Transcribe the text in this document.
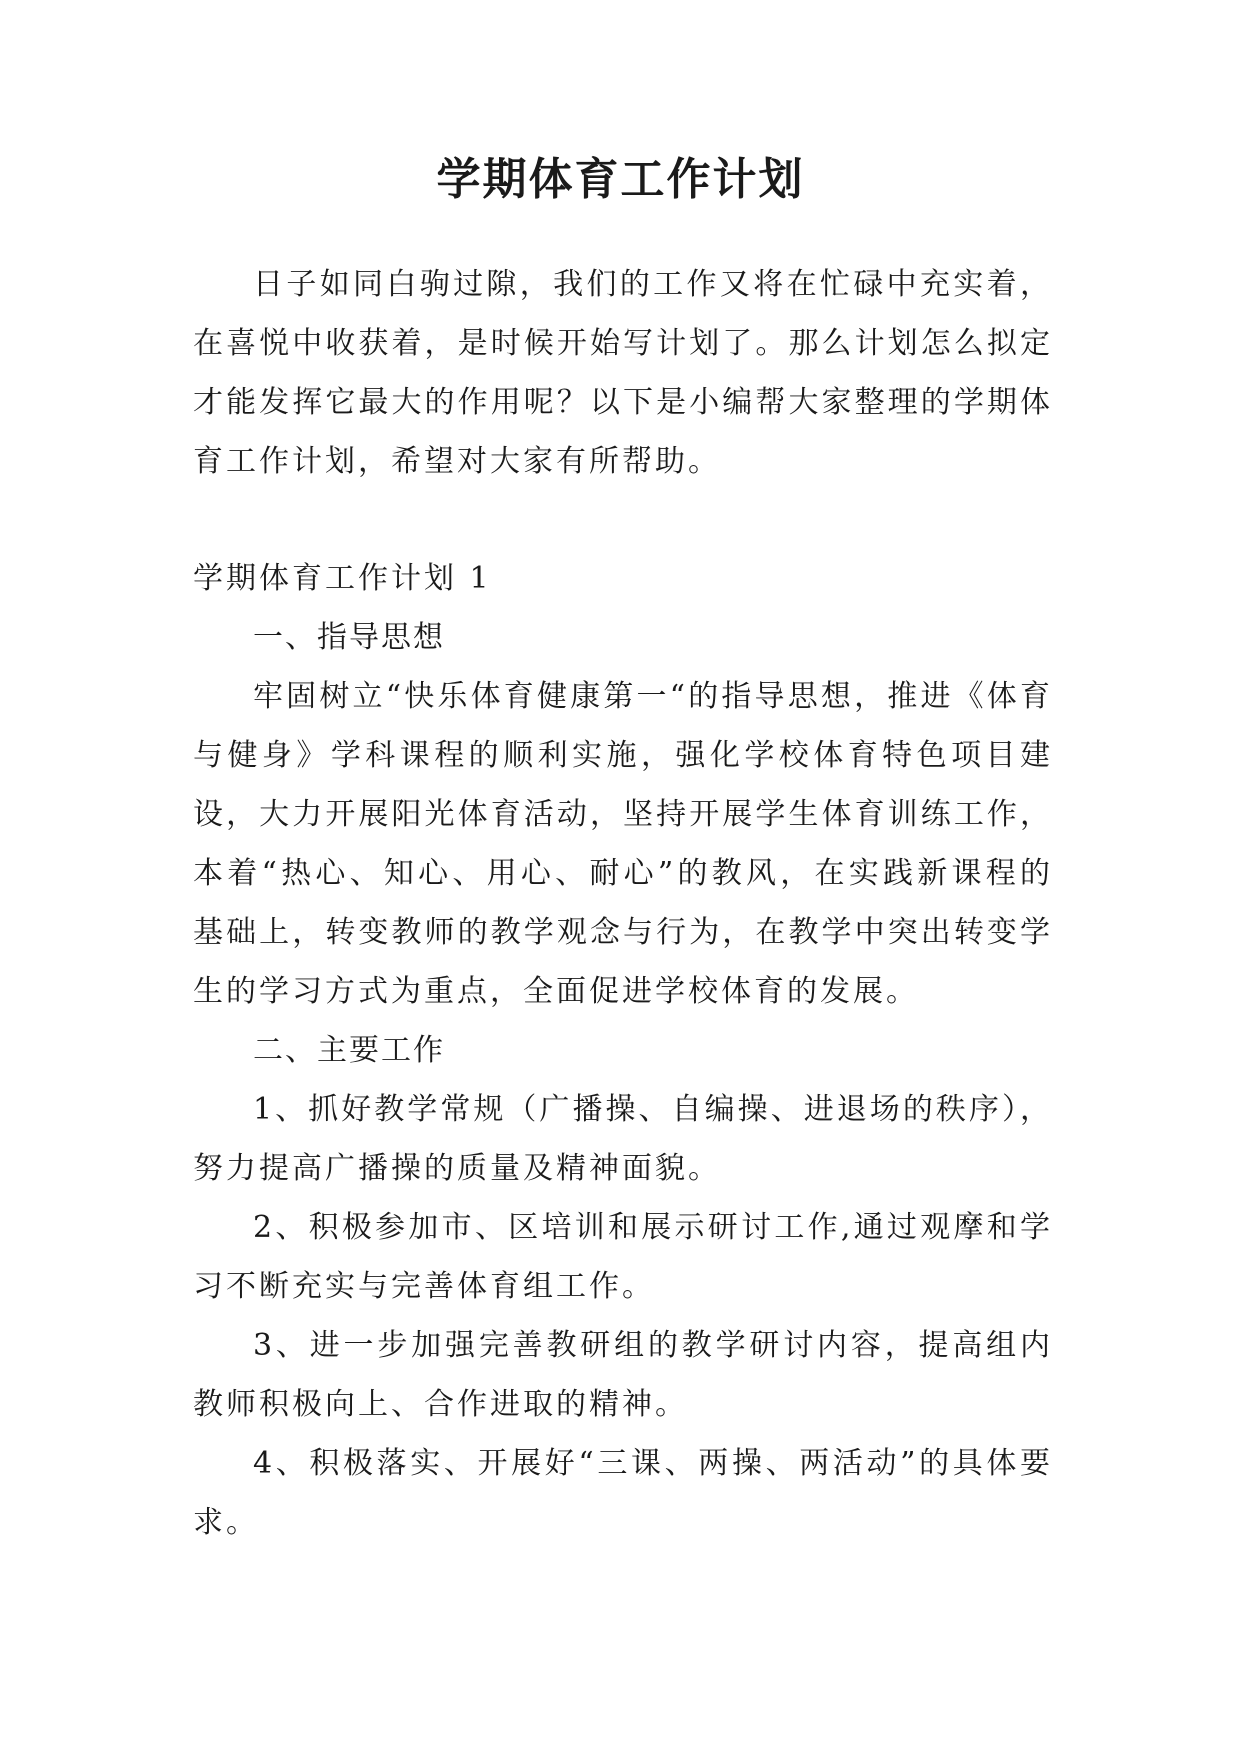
学期体育工作计划

日子如同白驹过隙，我们的工作又将在忙碌中充实着，在喜悦中收获着，是时候开始写计划了。那么计划怎么拟定才能发挥它最大的作用呢？以下是小编帮大家整理的学期体育工作计划，希望对大家有所帮助。

学期体育工作计划 1

一、指导思想

牢固树立“快乐体育健康第一“的指导思想，推进《体育与健身》学科课程的顺利实施，强化学校体育特色项目建设，大力开展阳光体育活动，坚持开展学生体育训练工作，本着“热心、知心、用心、耐心”的教风，在实践新课程的基础上，转变教师的教学观念与行为，在教学中突出转变学生的学习方式为重点，全面促进学校体育的发展。

二、主要工作

1、抓好教学常规（广播操、自编操、进退场的秩序），努力提高广播操的质量及精神面貌。

2、积极参加市、区培训和展示研讨工作,通过观摩和学习不断充实与完善体育组工作。

3、进一步加强完善教研组的教学研讨内容，提高组内教师积极向上、合作进取的精神。

4、积极落实、开展好“三课、两操、两活动”的具体要求。
